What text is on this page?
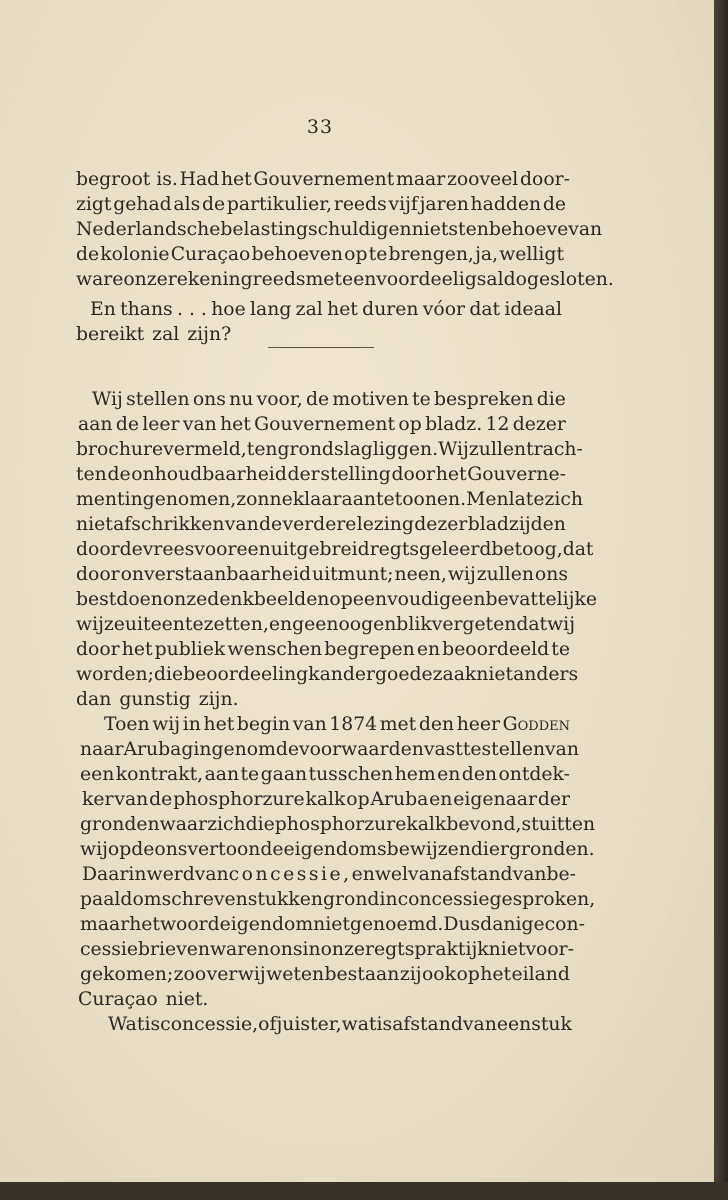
33
begroot is. Had het Gouvernement maar zooveel door-
zigt gehad als de partikulier, reeds vijf jaren hadden de
Nederlandsche belastingschuldigen niets ten behoeve van
de kolonie Curaçao behoeven op te brengen, ja, welligt
ware onze rekening reeds met een voordeelig saldo gesloten.
En thans . . . hoe lang zal het duren vóor dat ideaal
bereikt zal zijn?
Wij stellen ons nu voor, de motiven te bespreken die
aan de leer van het Gouvernement op bladz. 12 dezer
brochure vermeld, ten grondslag liggen. Wij zullen trach-
ten de onhoudbaarheid der stelling door het Gouverne-
ment ingenomen, zonneklaar aan te toonen. Men late zich
niet afschrikken van de verdere lezing dezer bladzijden
door de vrees voor een uitgebreid regtsgeleerd betoog, dat
door onverstaanbaarheid uitmunt; neen, wij zullen ons
best doen onze denkbeelden op eenvoudige en bevattelijke
wijze uiteen te zetten, en geen oogenblik vergeten dat wij
door het publiek wenschen begrepen en beoordeeld te
worden; die beoordeeling kan der goede zaak niet anders
dan gunstig zijn.
Toen wij in het begin van 1874 met den heer Godden
naar Aruba gingen om de voorwaarden vast te stellen van
een kontrakt, aan te gaan tusschen hem en den ontdek-
ker van de phosphorzure kalk op Aruba en eigenaar der
gronden waar zich die phosphorzure kalk bevond, stuitten
wij op de ons vertoonde eigendomsbewijzen dier gronden.
Daarin werd van concessie, en wel van afstand van be-
paald omschreven stukken grond in concessie gesproken,
maar het woord eigendom niet genoemd. Dusdanige con-
cessiebrieven waren ons in onze regtspraktijk niet voor-
gekomen; zoo ver wij weten bestaan zij ook op het eiland
Curaçao niet.
Wat is concessie, of juister, wat is afstand van een stuk
